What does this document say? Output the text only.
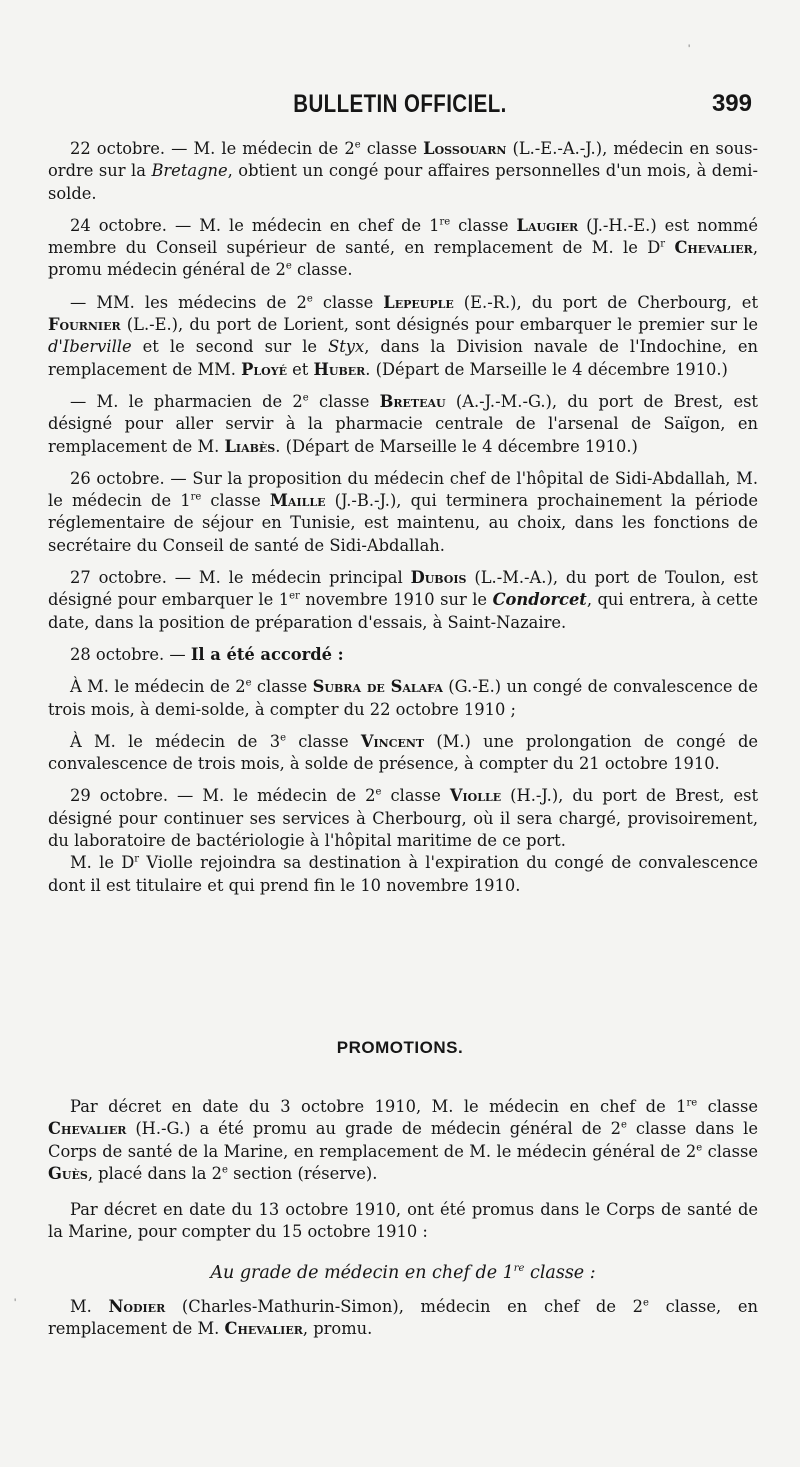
'
'
BULLETIN OFFICIEL.	399

22 octobre. — M. le médecin de 2e classe Lossouarn (L.-E.-A.-J.), médecin en sous-ordre sur la Bretagne, obtient un congé pour affaires personnelles d'un mois, à demi-solde.

24 octobre. — M. le médecin en chef de 1re classe Laugier (J.-H.-E.) est nommé membre du Conseil supérieur de santé, en remplacement de M. le $D^r$ Chevalier, promu médecin général de 2e classe.

— MM. les médecins de 2e classe Lepeuple (E.-R.), du port de Cherbourg, et Fournier (L.-E.), du port de Lorient, sont désignés pour embarquer le premier sur le d'Iberville et le second sur le Styx, dans la Division navale de l'Indochine, en remplacement de MM. Ployé et Huber. (Départ de Marseille le 4 décembre 1910.)

— M. le pharmacien de 2e classe Breteau (A.-J.-M.-G.), du port de Brest, est désigné pour aller servir à la pharmacie centrale de l'arsenal de Saïgon, en remplacement de M. Liabès. (Départ de Marseille le 4 décembre 1910.)

26 octobre. — Sur la proposition du médecin chef de l'hôpital de Sidi-Abdallah, M. le médecin de 1re classe Maille (J.-B.-J.), qui terminera prochainement la période réglementaire de séjour en Tunisie, est maintenu, au choix, dans les fonctions de secrétaire du Conseil de santé de Sidi-Abdallah.

27 octobre. — M. le médecin principal Dubois (L.-M.-A.), du port de Toulon, est désigné pour embarquer le 1er novembre 1910 sur le Condorcet, qui entrera, à cette date, dans la position de préparation d'essais, à Saint-Nazaire.

28 octobre. — Il a été accordé :

À M. le médecin de 2e classe Subra de Salafa (G.-E.) un congé de convalescence de trois mois, à demi-solde, à compter du 22 octobre 1910 ;

À M. le médecin de 3e classe Vincent (M.) une prolongation de congé de convalescence de trois mois, à solde de présence, à compter du 21 octobre 1910.

29 octobre. — M. le médecin de 2e classe Violle (H.-J.), du port de Brest, est désigné pour continuer ses services à Cherbourg, où il sera chargé, provisoirement, du laboratoire de bactériologie à l'hôpital maritime de ce port.

M. le $D^r$ Violle rejoindra sa destination à l'expiration du congé de convalescence dont il est titulaire et qui prend fin le 10 novembre 1910.

PROMOTIONS.

Par décret en date du 3 octobre 1910, M. le médecin en chef de 1re classe Chevalier (H.-G.) a été promu au grade de médecin général de 2e classe dans le Corps de santé de la Marine, en remplacement de M. le médecin général de 2e classe Guès, placé dans la 2e section (réserve).

Par décret en date du 13 octobre 1910, ont été promus dans le Corps de santé de la Marine, pour compter du 15 octobre 1910 :

Au grade de médecin en chef de 1re classe :

M. Nodier (Charles-Mathurin-Simon), médecin en chef de 2e classe, en remplacement de M. Chevalier, promu.
